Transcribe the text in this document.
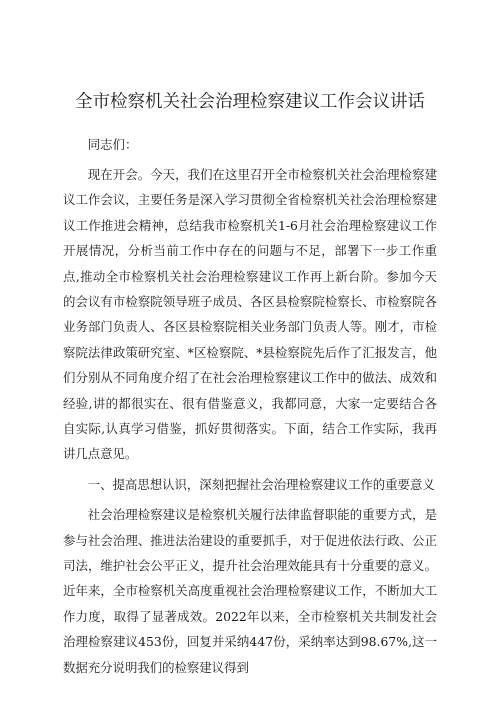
全市检察机关社会治理检察建议工作会议讲话

同志们：

现在开会。今天，我们在这里召开全市检察机关社会治理检察建议工作会议，主要任务是深入学习贯彻全省检察机关社会治理检察建议工作推进会精神，总结我市检察机关1-6月社会治理检察建议工作开展情况，分析当前工作中存在的问题与不足，部署下一步工作重点,推动全市检察机关社会治理检察建议工作再上新台阶。参加今天的会议有市检察院领导班子成员、各区县检察院检察长、市检察院各业务部门负责人、各区县检察院相关业务部门负责人等。刚才，市检察院法律政策研究室、*区检察院、*县检察院先后作了汇报发言，他们分别从不同角度介绍了在社会治理检察建议工作中的做法、成效和经验,讲的都很实在、很有借鉴意义，我都同意，大家一定要结合各自实际,认真学习借鉴，抓好贯彻落实。下面，结合工作实际，我再讲几点意见。

一、提高思想认识，深刻把握社会治理检察建议工作的重要意义

社会治理检察建议是检察机关履行法律监督职能的重要方式，是参与社会治理、推进法治建设的重要抓手，对于促进依法行政、公正司法，维护社会公平正义，提升社会治理效能具有十分重要的意义。近年来，全市检察机关高度重视社会治理检察建议工作，不断加大工作力度，取得了显著成效。2022年以来，全市检察机关共制发社会治理检察建议453份，回复并采纳447份，采纳率达到98.67%,这一数据充分说明我们的检察建议得到
